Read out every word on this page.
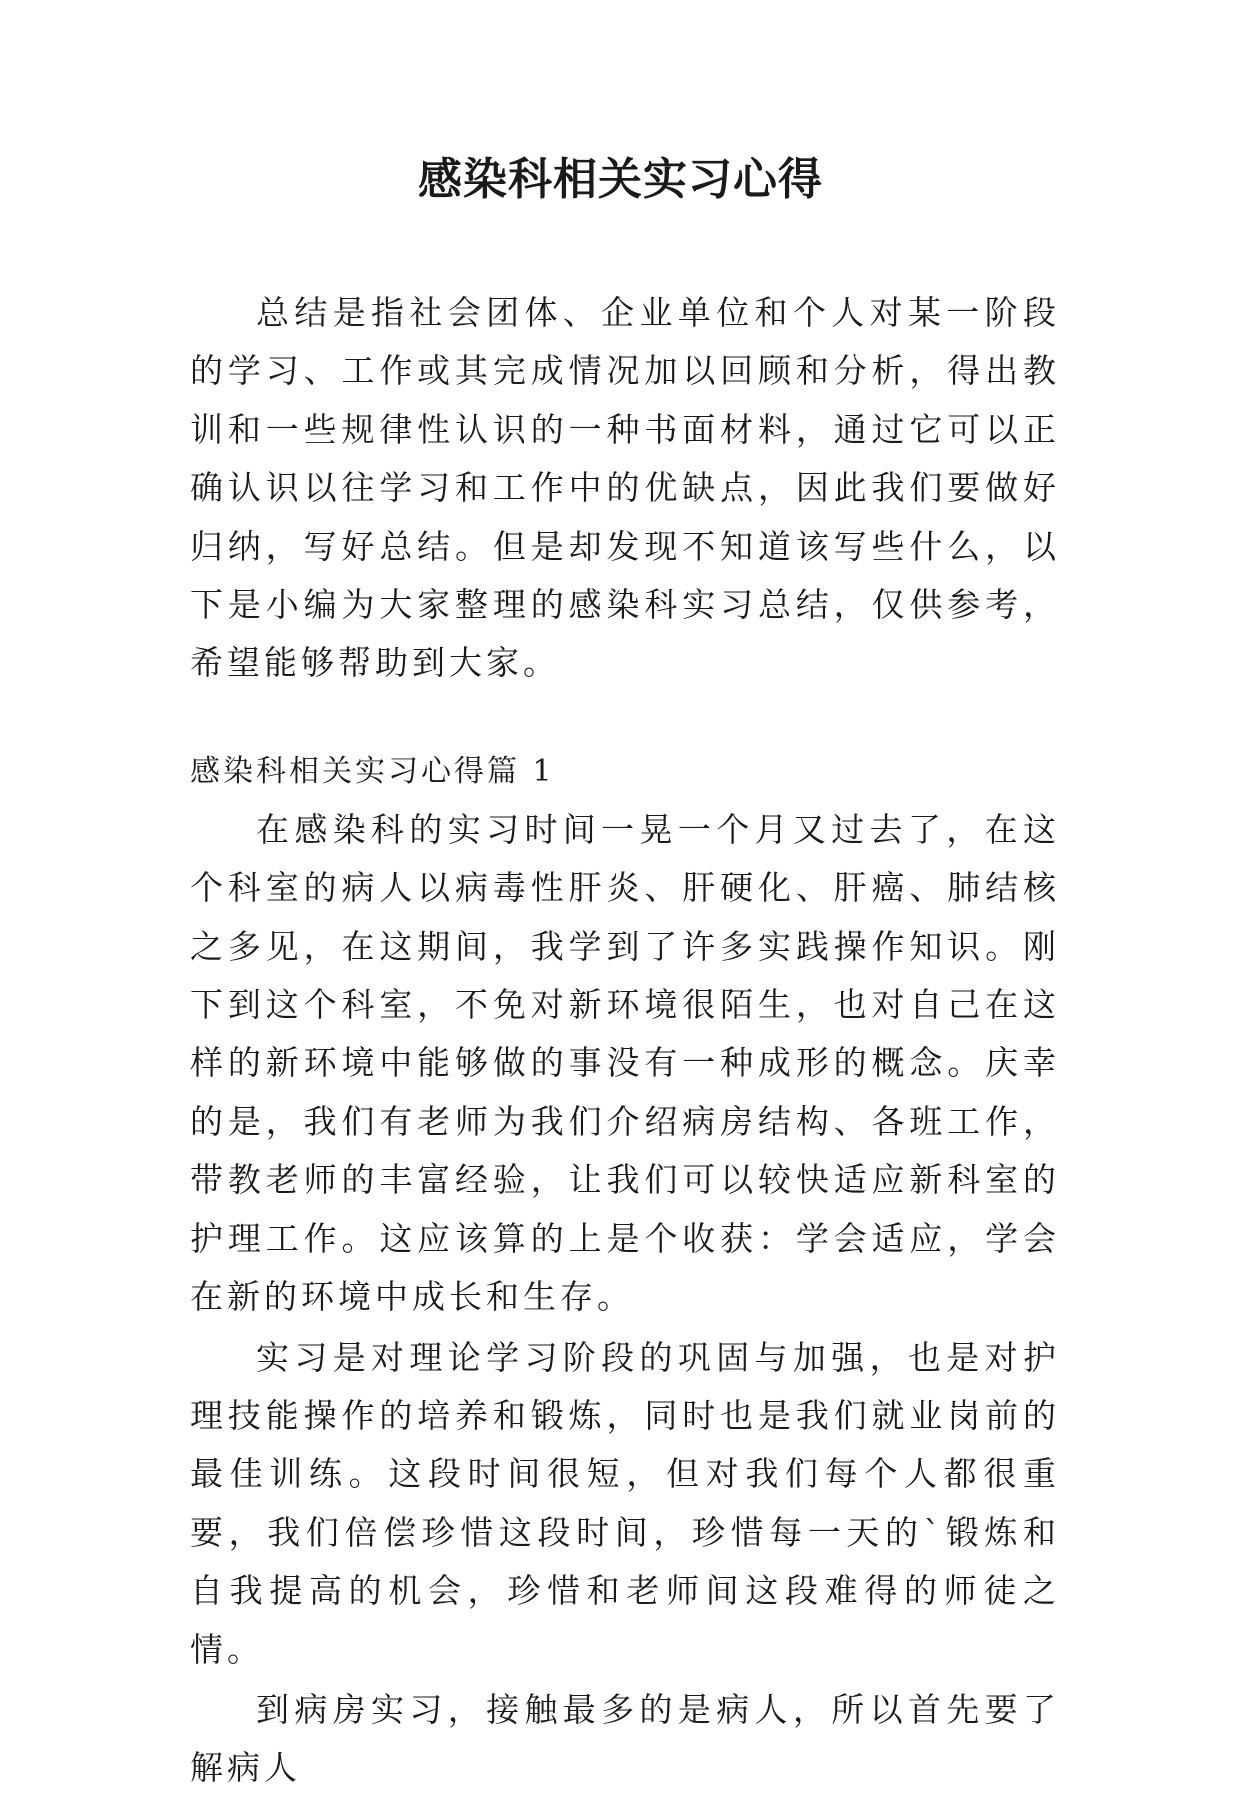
感染科相关实习心得

总结是指社会团体、企业单位和个人对某一阶段的学习、工作或其完成情况加以回顾和分析，得出教训和一些规律性认识的一种书面材料，通过它可以正确认识以往学习和工作中的优缺点，因此我们要做好归纳，写好总结。但是却发现不知道该写些什么，以下是小编为大家整理的感染科实习总结，仅供参考，希望能够帮助到大家。

感染科相关实习心得篇 1

在感染科的实习时间一晃一个月又过去了，在这个科室的病人以病毒性肝炎、肝硬化、肝癌、肺结核之多见，在这期间，我学到了许多实践操作知识。刚下到这个科室，不免对新环境很陌生，也对自己在这样的新环境中能够做的事没有一种成形的概念。庆幸的是，我们有老师为我们介绍病房结构、各班工作，带教老师的丰富经验，让我们可以较快适应新科室的护理工作。这应该算的上是个收获：学会适应，学会在新的环境中成长和生存。

实习是对理论学习阶段的巩固与加强，也是对护理技能操作的培养和锻炼，同时也是我们就业岗前的最佳训练。这段时间很短，但对我们每个人都很重要，我们倍偿珍惜这段时间，珍惜每一天的`锻炼和自我提高的机会，珍惜和老师间这段难得的师徒之情。

到病房实习，接触最多的是病人，所以首先要了解病人
